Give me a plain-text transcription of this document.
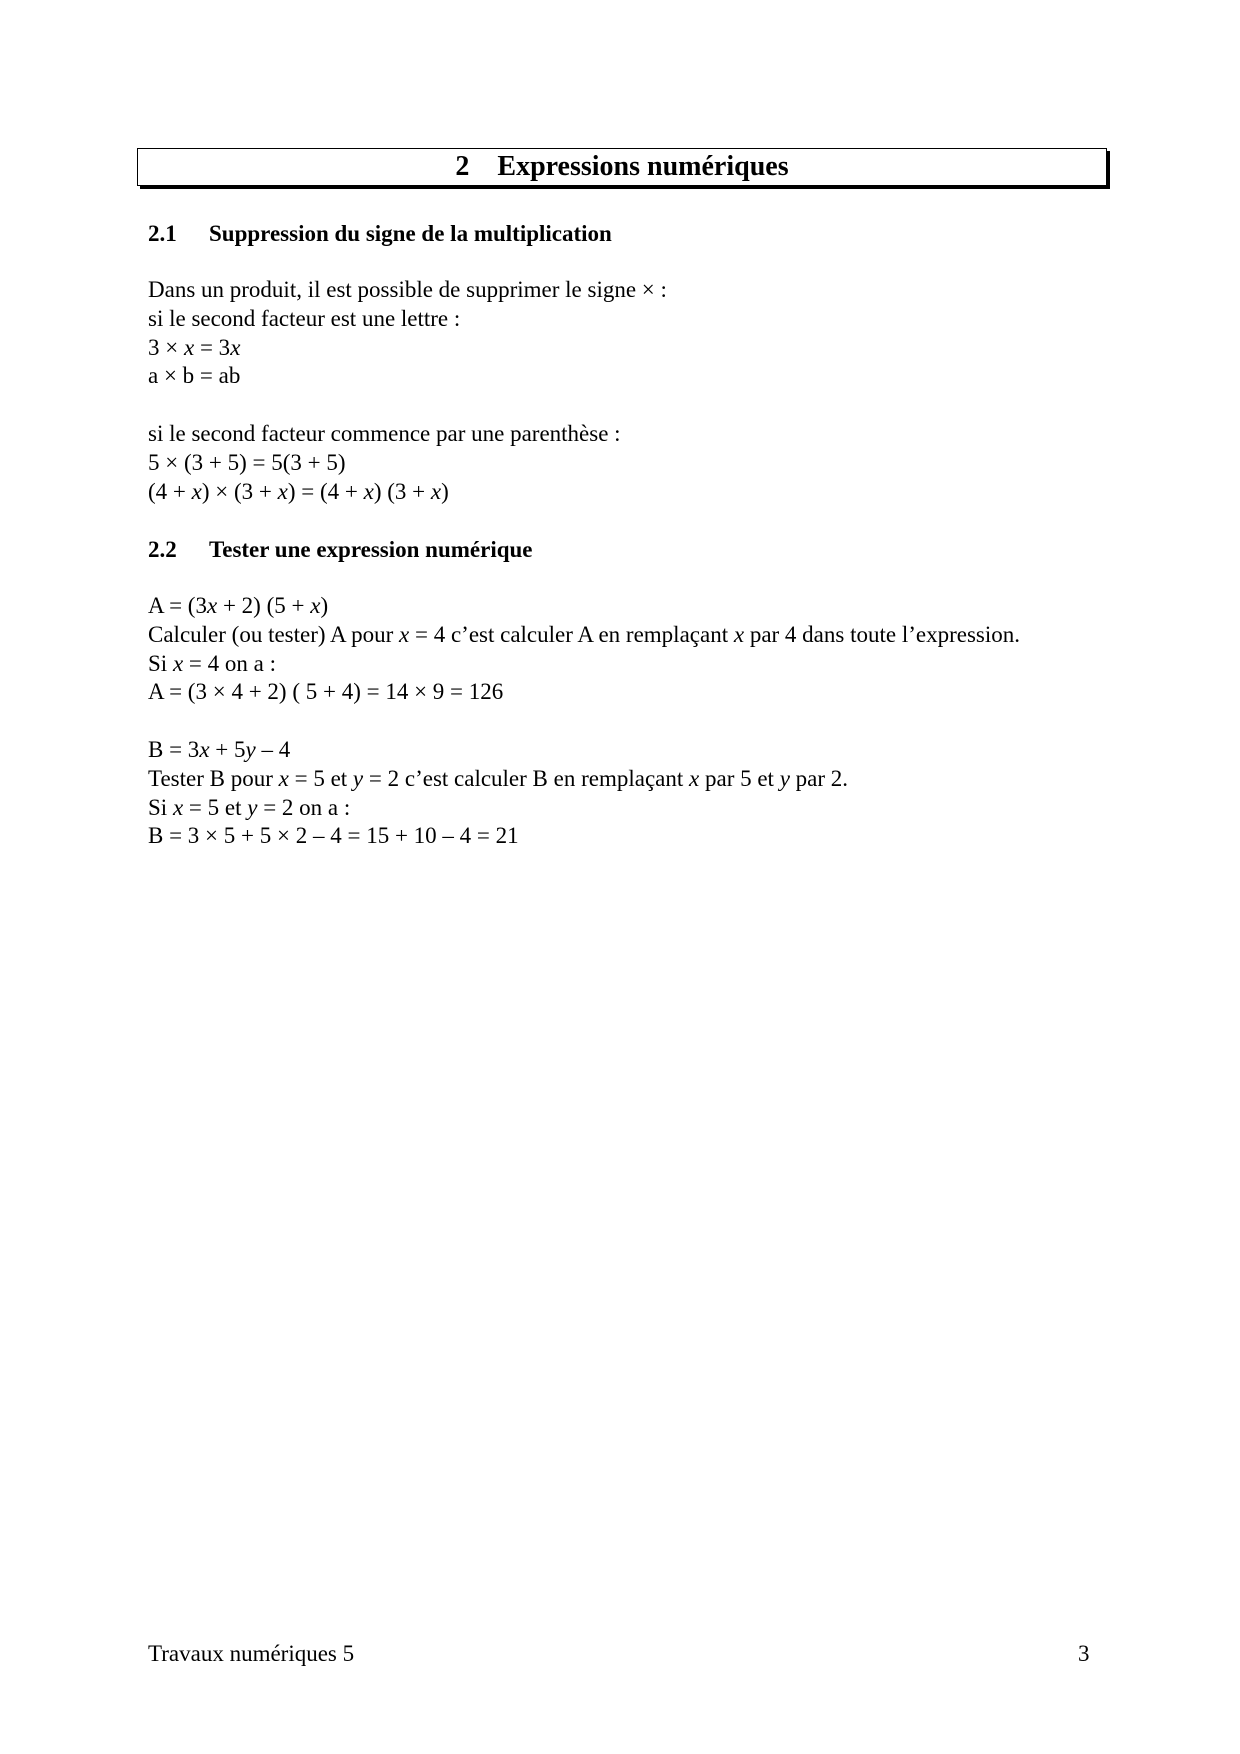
2 Expressions numériques
2.1 Suppression du signe de la multiplication
Dans un produit, il est possible de supprimer le signe × :
si le second facteur est une lettre :
3 × x = 3x
a × b = ab
si le second facteur commence par une parenthèse :
5 × (3 + 5) = 5(3 + 5)
(4 + x) × (3 + x) = (4 + x) (3 + x)
2.2 Tester une expression numérique
A = (3x + 2) (5 + x)
Calculer (ou tester) A pour x = 4 c’est calculer A en remplaçant x par 4 dans toute l’expression.
Si x = 4 on a :
A = (3 × 4 + 2) ( 5 + 4) = 14 × 9 = 126
B = 3x + 5y – 4
Tester B pour x = 5 et y = 2 c’est calculer B en remplaçant x par 5 et y par 2.
Si x = 5 et y = 2 on a :
B = 3 × 5 + 5 × 2 – 4 = 15 + 10 – 4 = 21
Travaux numériques 5	3
